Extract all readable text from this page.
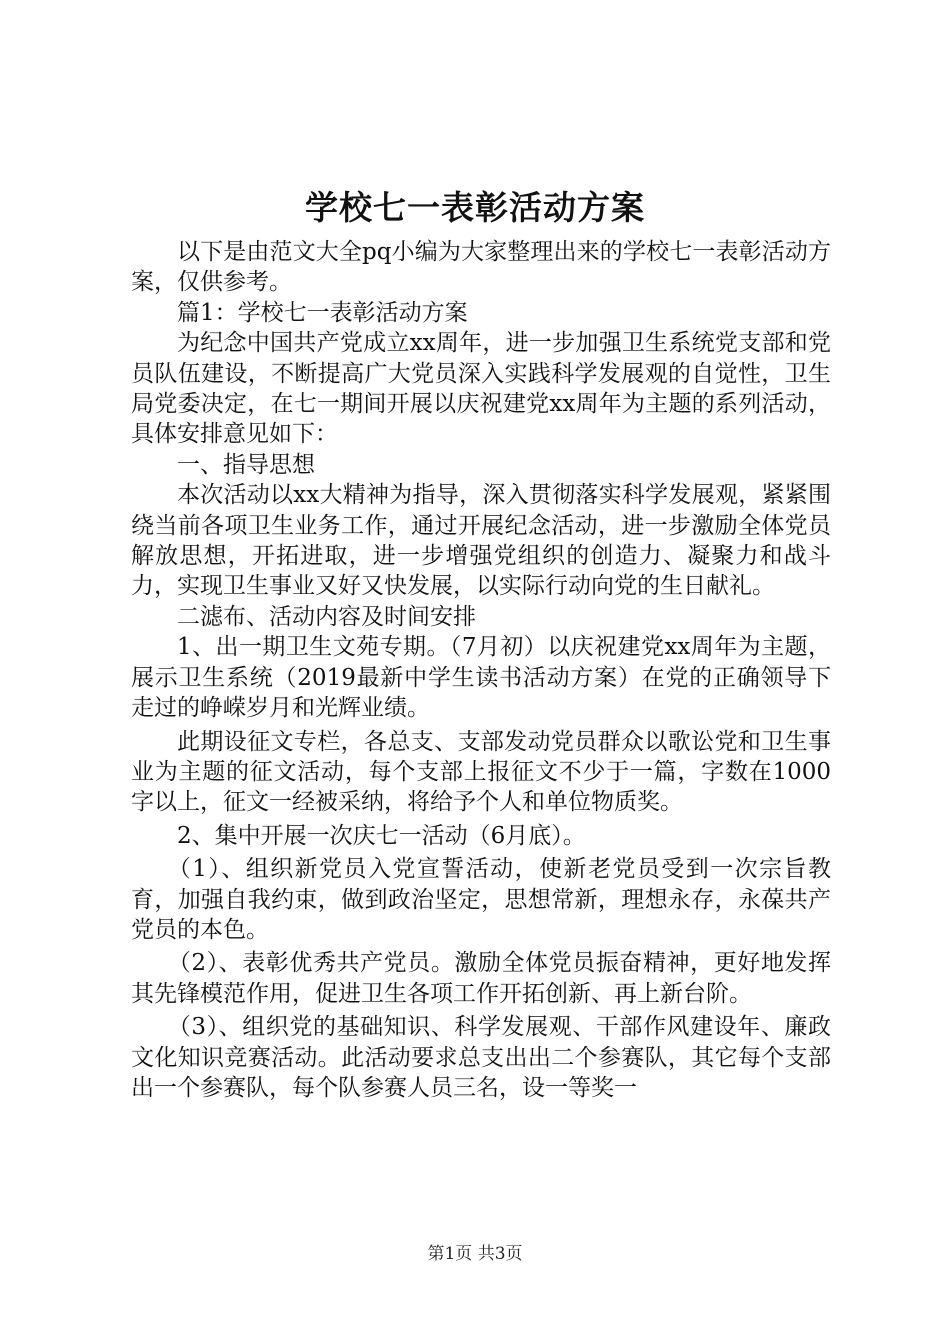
学校七一表彰活动方案

以下是由范文大全pq小编为大家整理出来的学校七一表彰活动方案，仅供参考。

篇1：学校七一表彰活动方案

为纪念中国共产党成立xx周年，进一步加强卫生系统党支部和党员队伍建设，不断提高广大党员深入实践科学发展观的自觉性，卫生局党委决定，在七一期间开展以庆祝建党xx周年为主题的系列活动，具体安排意见如下：

一、指导思想

本次活动以xx大精神为指导，深入贯彻落实科学发展观，紧紧围绕当前各项卫生业务工作，通过开展纪念活动，进一步激励全体党员解放思想，开拓进取，进一步增强党组织的创造力、凝聚力和战斗力，实现卫生事业又好又快发展，以实际行动向党的生日献礼。

二滤布、活动内容及时间安排

1、出一期卫生文苑专期。（7月初）以庆祝建党xx周年为主题，展示卫生系统（2019最新中学生读书活动方案）在党的正确领导下走过的峥嵘岁月和光辉业绩。

此期设征文专栏，各总支、支部发动党员群众以歌讼党和卫生事业为主题的征文活动，每个支部上报征文不少于一篇，字数在1000字以上，征文一经被采纳，将给予个人和单位物质奖。

2、集中开展一次庆七一活动（6月底）。

（1）、组织新党员入党宣誓活动，使新老党员受到一次宗旨教育，加强自我约束，做到政治坚定，思想常新，理想永存，永葆共产党员的本色。

（2）、表彰优秀共产党员。激励全体党员振奋精神，更好地发挥其先锋模范作用，促进卫生各项工作开拓创新、再上新台阶。

（3）、组织党的基础知识、科学发展观、干部作风建设年、廉政文化知识竞赛活动。此活动要求总支出出二个参赛队，其它每个支部出一个参赛队，每个队参赛人员三名，设一等奖一

第1页 共3页
